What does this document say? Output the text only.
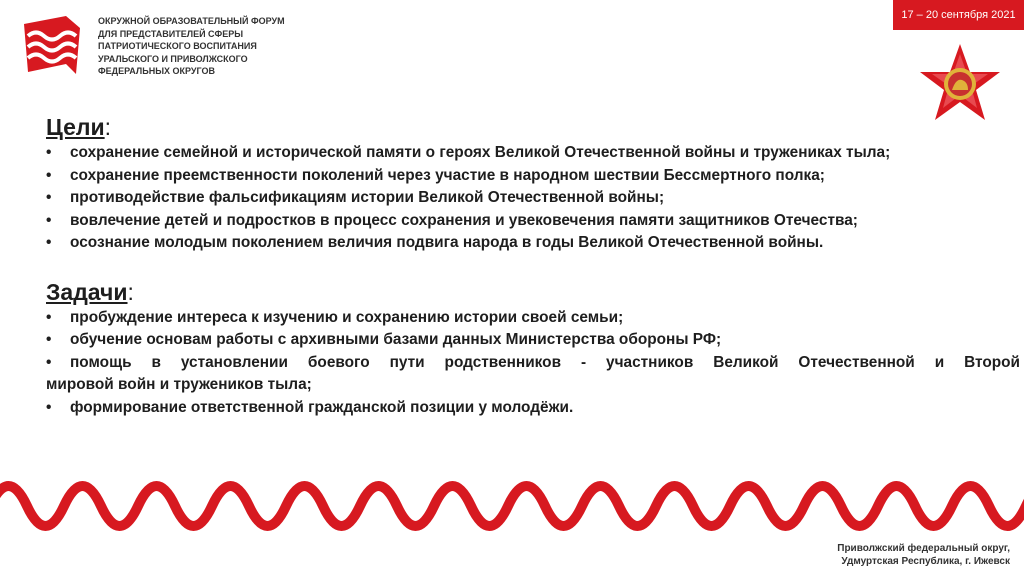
ОКРУЖНОЙ ОБРАЗОВАТЕЛЬНЫЙ ФОРУМ
ДЛЯ ПРЕДСТАВИТЕЛЕЙ СФЕРЫ
ПАТРИОТИЧЕСКОГО ВОСПИТАНИЯ
УРАЛЬСКОГО И ПРИВОЛЖСКОГО
ФЕДЕРАЛЬНЫХ ОКРУГОВ
17 – 20 сентября 2021
Цели:
• сохранение семейной и исторической памяти о героях Великой Отечественной войны и тружениках тыла;
• сохранение преемственности поколений через участие в народном шествии Бессмертного полка;
• противодействие фальсификациям истории Великой Отечественной войны;
• вовлечение детей и подростков в процесс сохранения и увековечения памяти защитников Отечества;
• осознание молодым поколением величия подвига народа в годы Великой Отечественной войны.
Задачи:
• пробуждение интереса к изучению и сохранению истории своей семьи;
• обучение основам работы с архивными базами данных Министерства обороны РФ;
• помощь в установлении боевого пути родственников - участников Великой Отечественной и Второй
мировой войн и тружеников тыла;
• формирование ответственной гражданской позиции у молодёжи.
Приволжский федеральный округ,
Удмуртская Республика, г. Ижевск
